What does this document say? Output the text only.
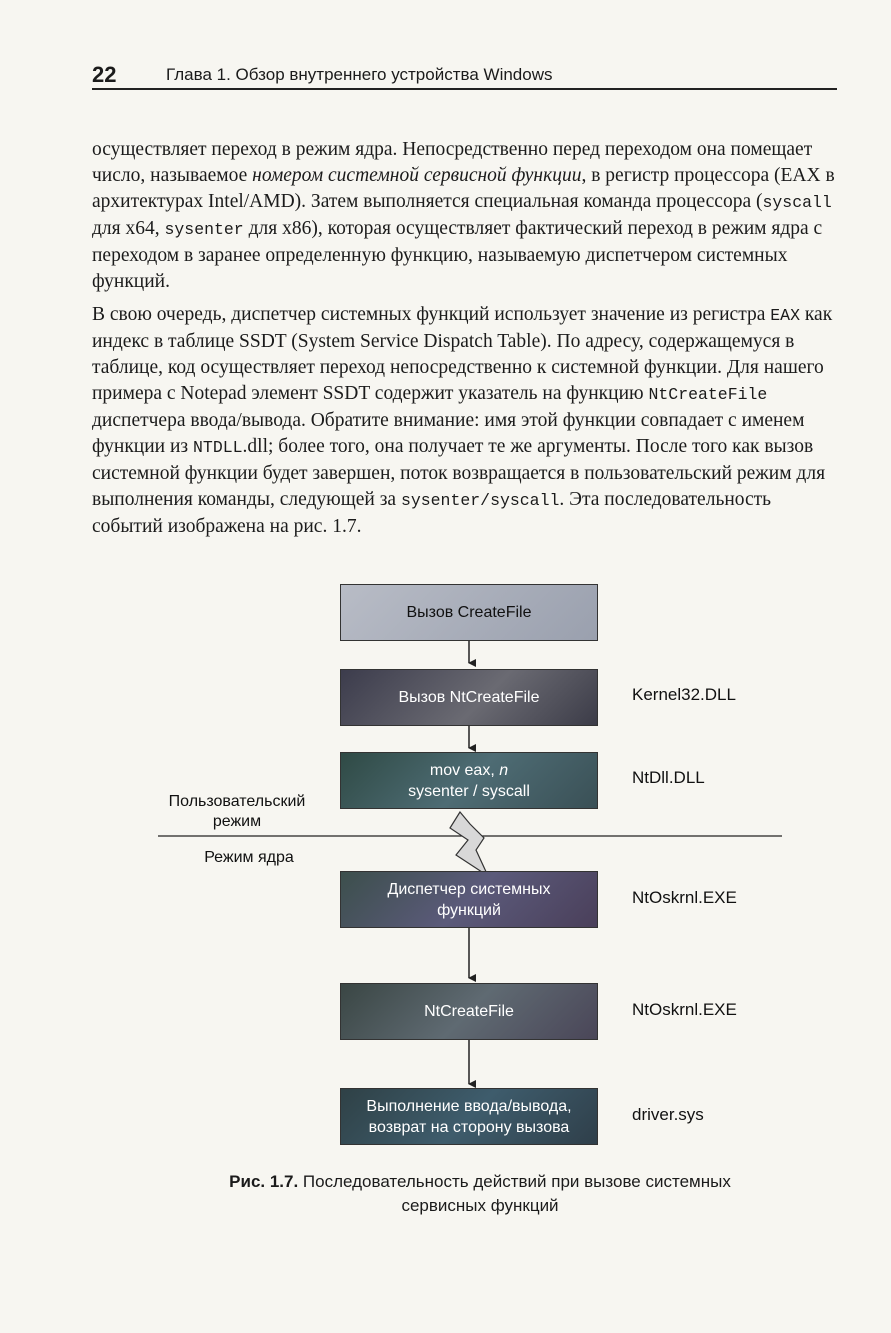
22	Глава 1. Обзор внутреннего устройства Windows

осуществляет переход в режим ядра. Непосредственно перед переходом она помещает число, называемое номером системной сервисной функции, в регистр процессора (EAX в архитектурах Intel/AMD). Затем выполняется специальная команда процессора (syscall для x64, sysenter для x86), которая осуществляет фактический переход в режим ядра с переходом в заранее определенную функцию, называемую диспетчером системных функций.

В свою очередь, диспетчер системных функций использует значение из регистра EAX как индекс в таблице SSDT (System Service Dispatch Table). По адресу, содержащемуся в таблице, код осуществляет переход непосредственно к системной функции. Для нашего примера с Notepad элемент SSDT содержит указатель на функцию NtCreateFile диспетчера ввода/вывода. Обратите внимание: имя этой функции совпадает с именем функции из NTDLL.dll; более того, она получает те же аргументы. После того как вызов системной функции будет завершен, поток возвращается в пользовательский режим для выполнения команды, следующей за sysenter/syscall. Эта последовательность событий изображена на рис. 1.7.

Вызов CreateFile
Вызов NtCreateFile
mov eax, n
sysenter / syscall
Диспетчер системных
функций
NtCreateFile
Выполнение ввода/вывода,
возврат на сторону вызова
Kernel32.DLL
NtDll.DLL
NtOskrnl.EXE
NtOskrnl.EXE
driver.sys
Пользовательский
режим
Режим ядра
Рис. 1.7. Последовательность действий при вызове системных
сервисных функций
